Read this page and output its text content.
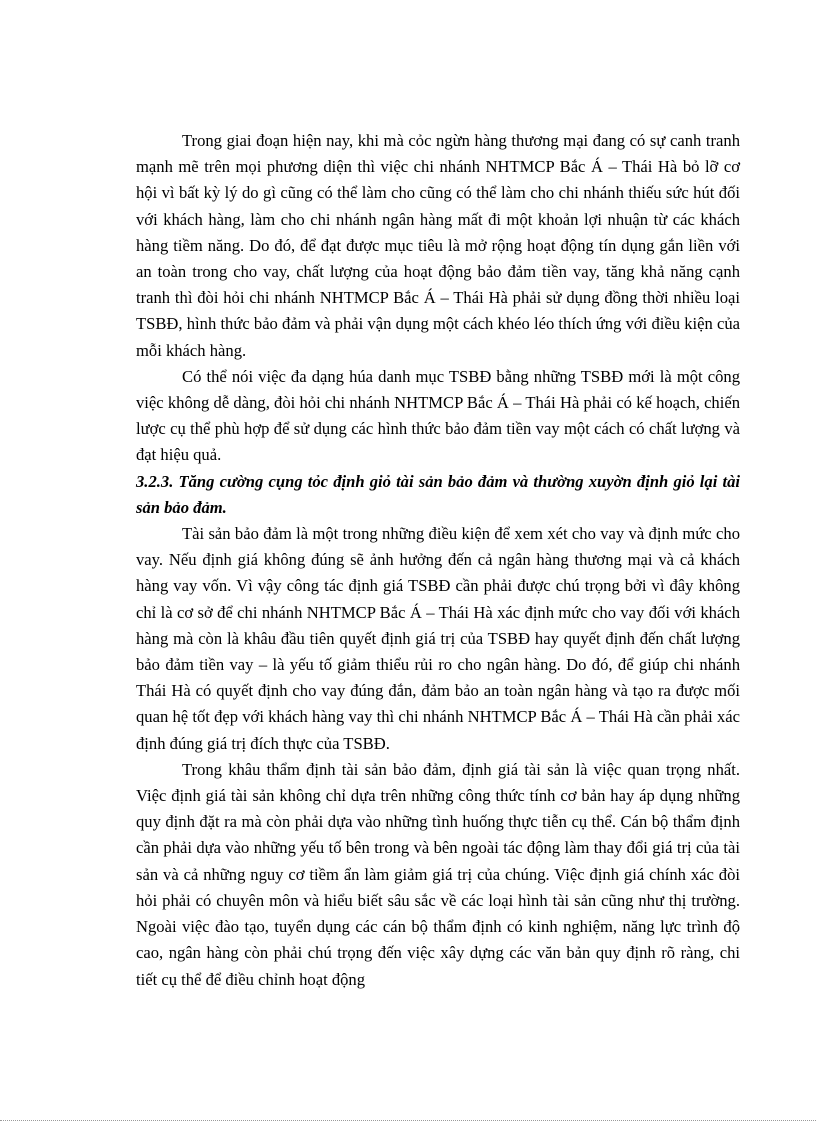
Trong giai đoạn hiện nay, khi mà cỏc ngừn hàng thương mại đang có sự canh tranh mạnh mẽ trên mọi phương diện thì việc chi nhánh NHTMCP Bắc Á – Thái Hà bỏ lỡ cơ hội vì bất kỳ lý do gì cũng có thể làm cho cũng có thể làm cho chi nhánh thiếu sức hút đối với khách hàng, làm cho chi nhánh ngân hàng mất đi một khoản lợi nhuận từ các khách hàng tiềm năng. Do đó, để đạt được mục tiêu là mở rộng hoạt động tín dụng gắn liền với an toàn trong cho vay, chất lượng của hoạt động bảo đảm tiền vay, tăng khả năng cạnh tranh thì đòi hỏi chi nhánh NHTMCP Bắc Á – Thái Hà phải sử dụng đồng thời nhiều loại TSBĐ, hình thức bảo đảm và phải vận dụng một cách khéo léo thích ứng với điều kiện của mỗi khách hàng.

Có thể nói việc đa dạng húa danh mục TSBĐ bằng những TSBĐ mới là một công việc không dễ dàng, đòi hỏi chi nhánh NHTMCP Bắc Á – Thái Hà phải có kế hoạch, chiến lược cụ thể phù hợp để sử dụng các hình thức bảo đảm tiền vay một cách có chất lượng và đạt hiệu quả.

3.2.3. Tăng cường cụng tỏc định giỏ tài sản bảo đảm và thường xuyờn định giỏ lại tài sản bảo đảm.

Tài sản bảo đảm là một trong những điều kiện để xem xét cho vay và định mức cho vay. Nếu định giá không đúng sẽ ảnh hưởng đến cả ngân hàng thương mại và cả khách hàng vay vốn. Vì vậy công tác định giá TSBĐ cần phải được chú trọng bởi vì đây không chỉ là cơ sở để chi nhánh NHTMCP Bắc Á – Thái Hà xác định mức cho vay đối với khách hàng mà còn là khâu đầu tiên quyết định giá trị của TSBĐ hay quyết định đến chất lượng bảo đảm tiền vay – là yếu tố giảm thiểu rủi ro cho ngân hàng. Do đó, để giúp chi nhánh Thái Hà có quyết định cho vay đúng đắn, đảm bảo an toàn ngân hàng và tạo ra được mối quan hệ tốt đẹp với khách hàng vay thì chi nhánh NHTMCP Bắc Á – Thái Hà cần phải xác định đúng giá trị đích thực của TSBĐ.

Trong khâu thẩm định tài sản bảo đảm, định giá tài sản là việc quan trọng nhất. Việc định giá tài sản không chỉ dựa trên những công thức tính cơ bản hay áp dụng những quy định đặt ra mà còn phải dựa vào những tình huống thực tiễn cụ thể. Cán bộ thẩm định cần phải dựa vào những yếu tố bên trong và bên ngoài tác động làm thay đổi giá trị của tài sản và cả những nguy cơ tiềm ẩn làm giảm giá trị của chúng. Việc định giá chính xác đòi hỏi phải có chuyên môn và hiểu biết sâu sắc về các loại hình tài sản cũng như thị trường. Ngoài việc đào tạo, tuyển dụng các cán bộ thẩm định có kinh nghiệm, năng lực trình độ cao, ngân hàng còn phải chú trọng đến việc xây dựng các văn bản quy định rõ ràng, chi tiết cụ thể để điều chỉnh hoạt động
